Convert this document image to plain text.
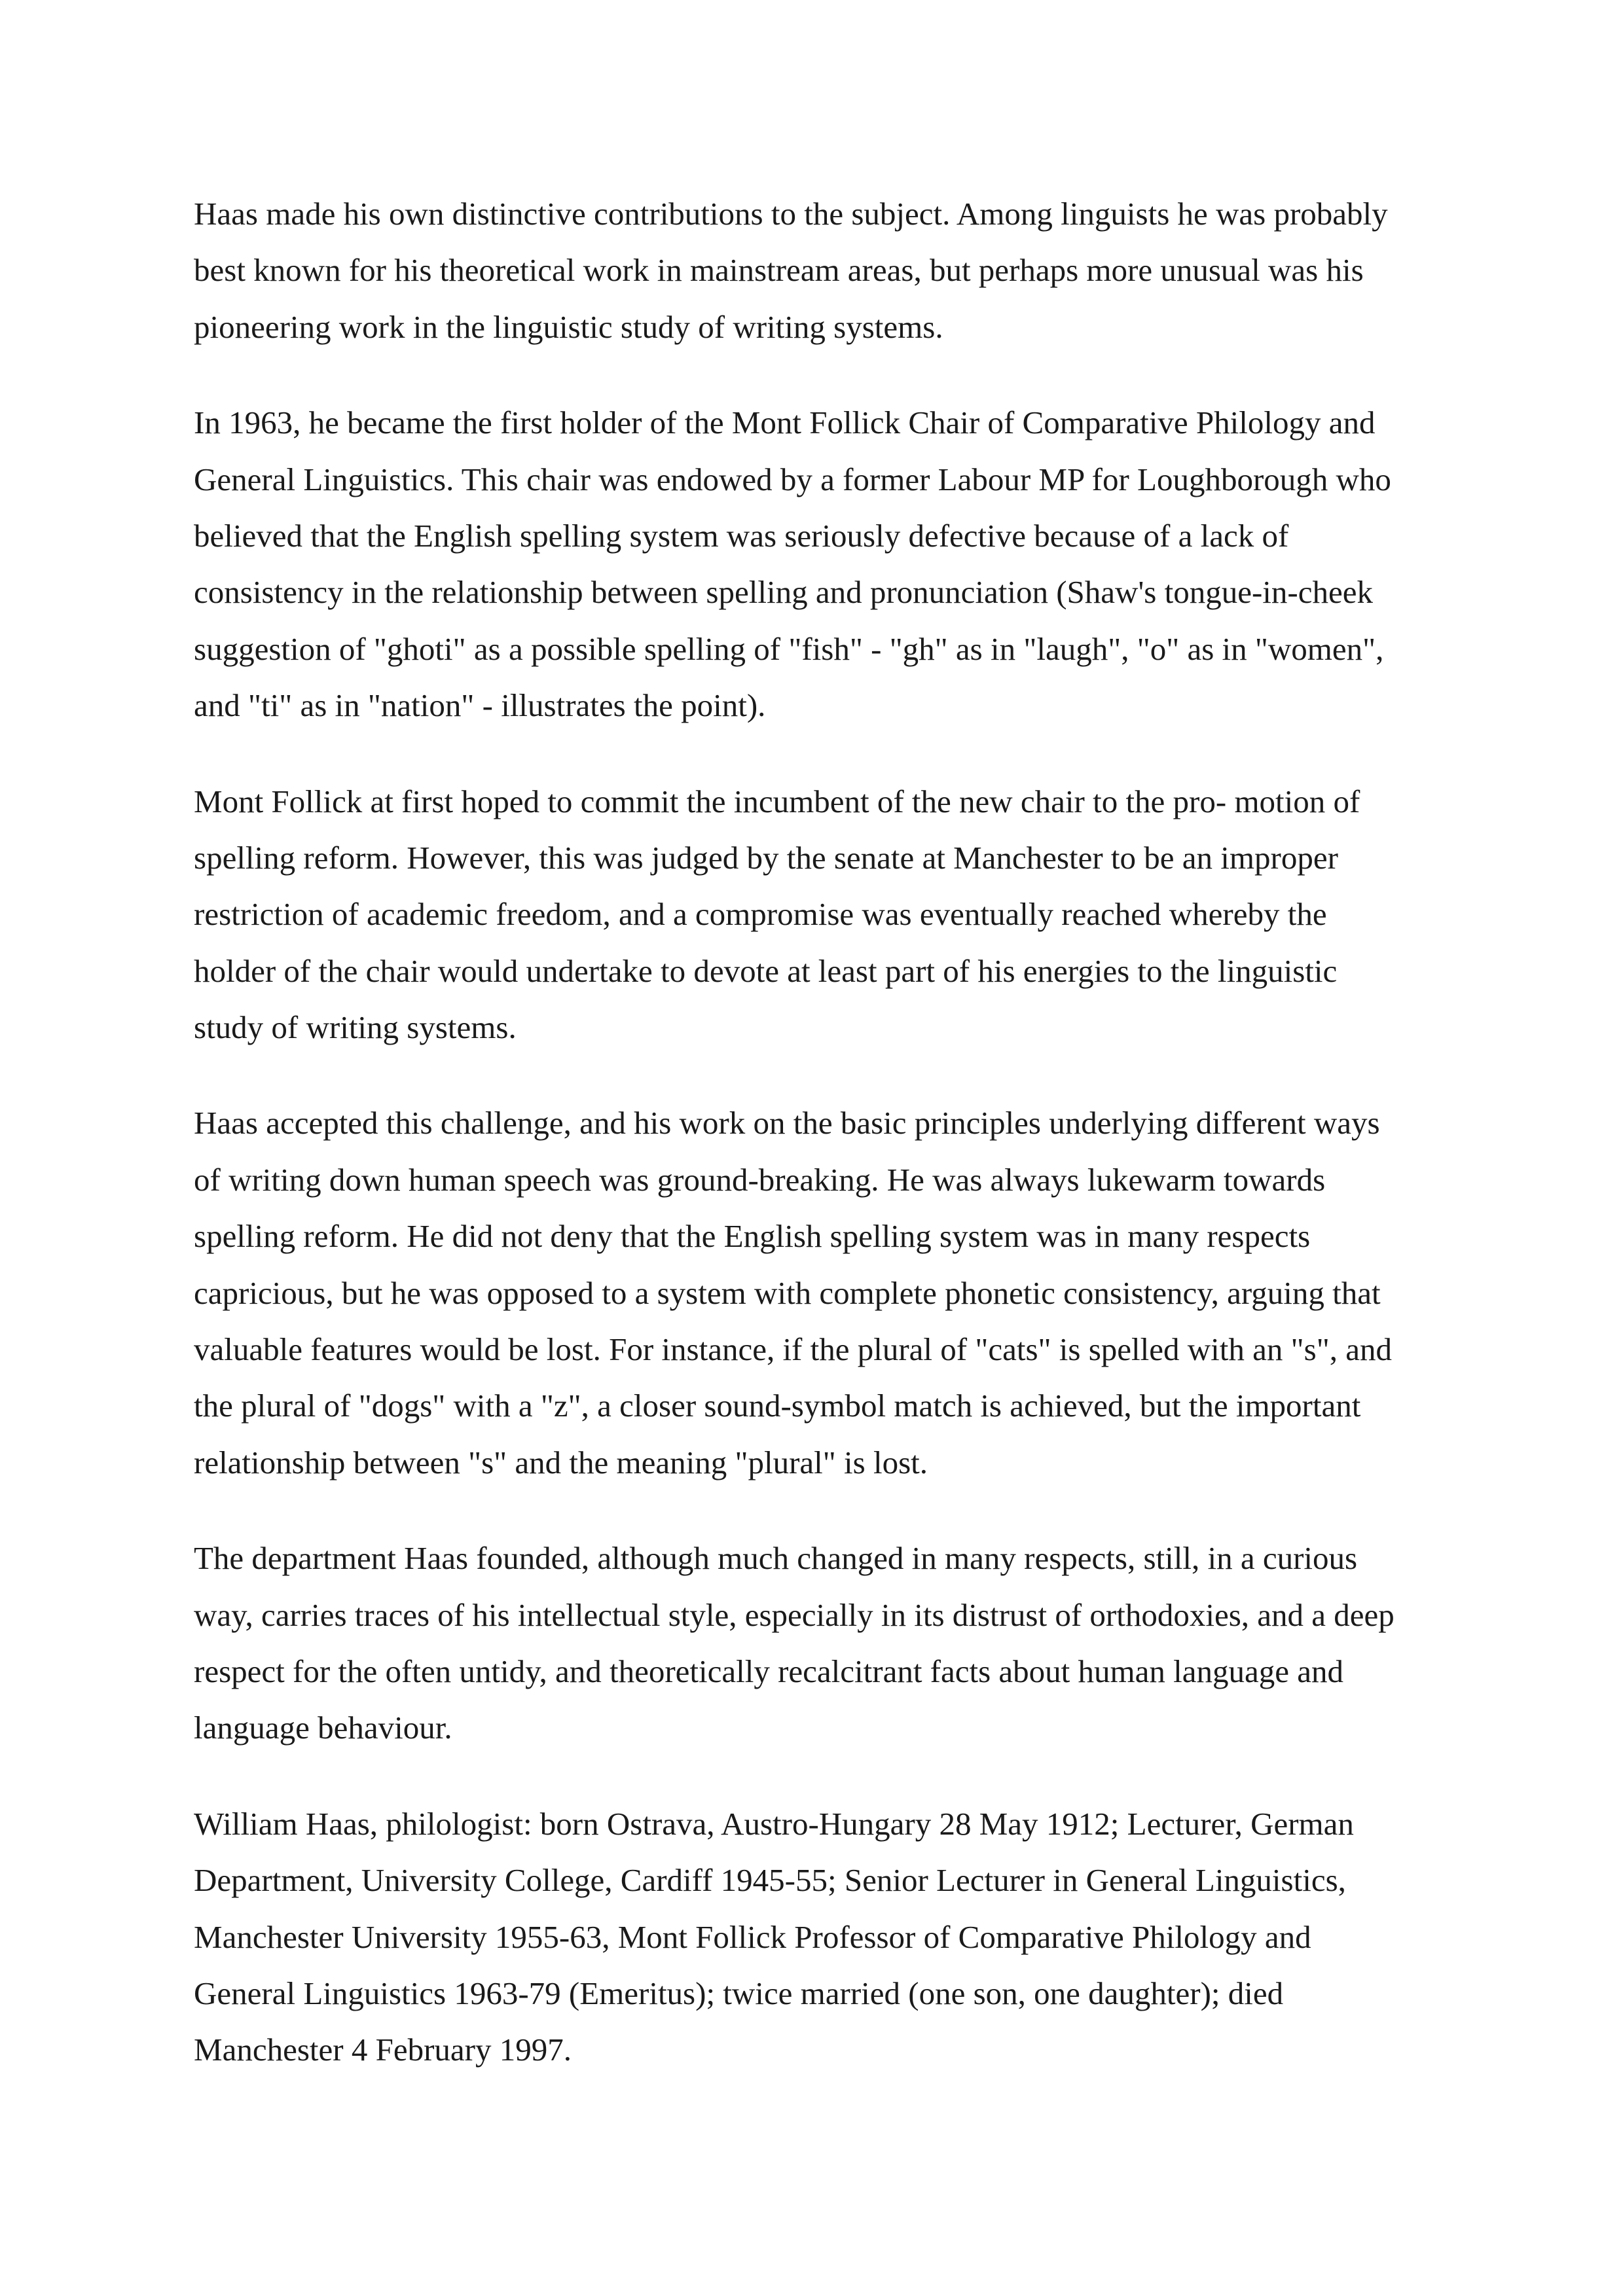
Haas made his own distinctive contributions to the subject. Among linguists he was probably
best known for his theoretical work in mainstream areas, but perhaps more unusual was his
pioneering work in the linguistic study of writing systems.

In 1963, he became the first holder of the Mont Follick Chair of Comparative Philology and
General Linguistics. This chair was endowed by a former Labour MP for Loughborough who
believed that the English spelling system was seriously defective because of a lack of
consistency in the relationship between spelling and pronunciation (Shaw's tongue-in-cheek
suggestion of "ghoti" as a possible spelling of "fish" - "gh" as in "laugh", "o" as in "women",
and "ti" as in "nation" - illustrates the point).

Mont Follick at first hoped to commit the incumbent of the new chair to the pro- motion of
spelling reform. However, this was judged by the senate at Manchester to be an improper
restriction of academic freedom, and a compromise was eventually reached whereby the
holder of the chair would undertake to devote at least part of his energies to the linguistic
study of writing systems.

Haas accepted this challenge, and his work on the basic principles underlying different ways
of writing down human speech was ground-breaking. He was always lukewarm towards
spelling reform. He did not deny that the English spelling system was in many respects
capricious, but he was opposed to a system with complete phonetic consistency, arguing that
valuable features would be lost. For instance, if the plural of "cats" is spelled with an "s", and
the plural of "dogs" with a "z", a closer sound-symbol match is achieved, but the important
relationship between "s" and the meaning "plural" is lost.

The department Haas founded, although much changed in many respects, still, in a curious
way, carries traces of his intellectual style, especially in its distrust of orthodoxies, and a deep
respect for the often untidy, and theoretically recalcitrant facts about human language and
language behaviour.

William Haas, philologist: born Ostrava, Austro-Hungary 28 May 1912; Lecturer, German
Department, University College, Cardiff 1945-55; Senior Lecturer in General Linguistics,
Manchester University 1955-63, Mont Follick Professor of Comparative Philology and
General Linguistics 1963-79 (Emeritus); twice married (one son, one daughter); died
Manchester 4 February 1997.
